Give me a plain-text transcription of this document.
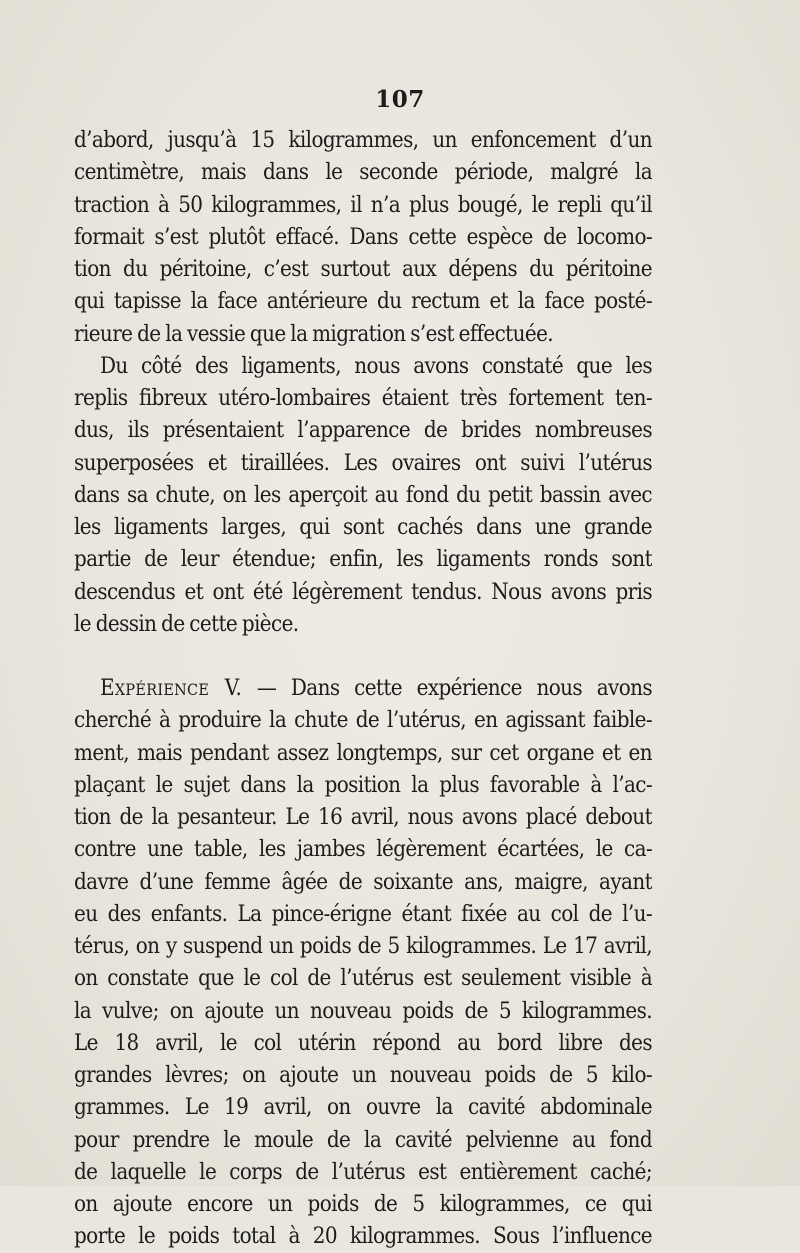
107
d’abord, jusqu’à 15 kilogrammes, un enfoncement d’un
centimètre, mais dans le seconde période, malgré la
traction à 50 kilogrammes, il n’a plus bougé, le repli qu’il
formait s’est plutôt effacé. Dans cette espèce de locomo-
tion du péritoine, c’est surtout aux dépens du péritoine
qui tapisse la face antérieure du rectum et la face posté-
rieure de la vessie que la migration s’est effectuée.
Du côté des ligaments, nous avons constaté que les
replis fibreux utéro-lombaires étaient très fortement ten-
dus, ils présentaient l’apparence de brides nombreuses
superposées et tiraillées. Les ovaires ont suivi l’utérus
dans sa chute, on les aperçoit au fond du petit bassin avec
les ligaments larges, qui sont cachés dans une grande
partie de leur étendue; enfin, les ligaments ronds sont
descendus et ont été légèrement tendus. Nous avons pris
le dessin de cette pièce.
Expérience V. — Dans cette expérience nous avons
cherché à produire la chute de l’utérus, en agissant faible-
ment, mais pendant assez longtemps, sur cet organe et en
plaçant le sujet dans la position la plus favorable à l’ac-
tion de la pesanteur. Le 16 avril, nous avons placé debout
contre une table, les jambes légèrement écartées, le ca-
davre d’une femme âgée de soixante ans, maigre, ayant
eu des enfants. La pince-érigne étant fixée au col de l’u-
térus, on y suspend un poids de 5 kilogrammes. Le 17 avril,
on constate que le col de l’utérus est seulement visible à
la vulve; on ajoute un nouveau poids de 5 kilogrammes.
Le 18 avril, le col utérin répond au bord libre des
grandes lèvres; on ajoute un nouveau poids de 5 kilo-
grammes. Le 19 avril, on ouvre la cavité abdominale
pour prendre le moule de la cavité pelvienne au fond
de laquelle le corps de l’utérus est entièrement caché;
on ajoute encore un poids de 5 kilogrammes, ce qui
porte le poids total à 20 kilogrammes. Sous l’influence
